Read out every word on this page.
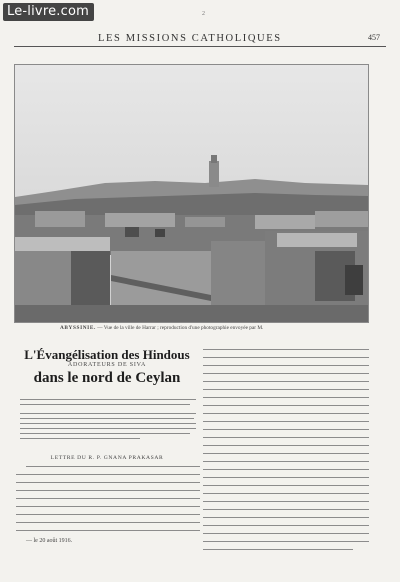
Le-livre.com	2
LES MISSIONS CATHOLIQUES	457
ABYSSINIE. — Vue de la ville de Harrar ; reproduction d'une photographie envoyée par M.
L'Évangélisation des Hindous
ADORATEURS DE SIVA
dans le nord de Ceylan
LETTRE DU R. P. GNANA PRAKASAR
— le 20 août 1916.
